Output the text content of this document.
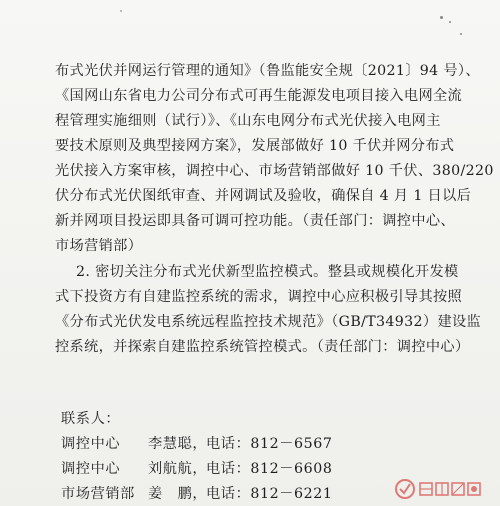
布式光伏并网运行管理的通知》（鲁监能安全规〔2021〕94 号）、
《国网山东省电力公司分布式可再生能源发电项目接入电网全流
程管理实施细则（试行）》、《山东电网分布式光伏接入电网主
要技术原则及典型接网方案》，发展部做好 10 千伏并网分布式
光伏接入方案审核，调控中心、市场营销部做好 10 千伏、380/220
伏分布式光伏图纸审查、并网调试及验收，确保自 4 月 1 日以后
新并网项目投运即具备可调可控功能。（责任部门：调控中心、
市场营销部）
2. 密切关注分布式光伏新型监控模式。整县或规模化开发模
式下投资方有自建监控系统的需求，调控中心应积极引导其按照
《分布式光伏发电系统远程监控技术规范》（GB/T34932）建设监
控系统，并探索自建监控系统管控模式。（责任部门：调控中心）
联系人：
调控中心 李慧聪，
电话：812－6567
调控中心 刘航航，
电话：812－6608
市场营销部 姜　鹏，
电话：812－6221
